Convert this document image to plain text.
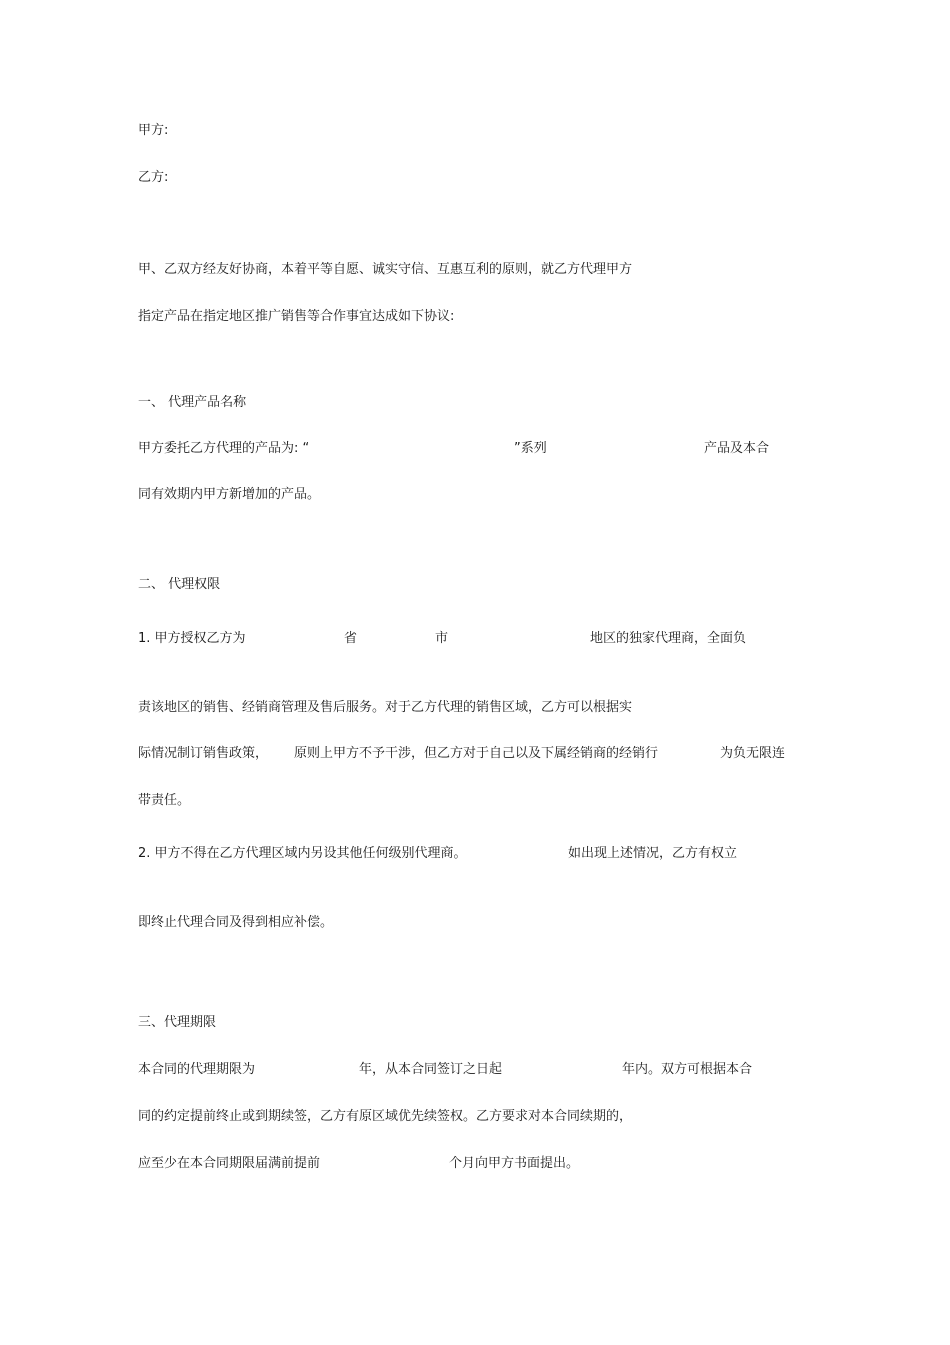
甲方:
乙方:
甲、乙双方经友好协商，本着平等自愿、诚实守信、互惠互利的原则，就乙方代理甲方
指定产品在指定地区推广销售等合作事宜达成如下协议:
一、 代理产品名称
甲方委托乙方代理的产品为: “	”系列	产品及本合
同有效期内甲方新增加的产品。
二、 代理权限
1. 甲方授权乙方为	省	市	地区的独家代理商，全面负
责该地区的销售、经销商管理及售后服务。对于乙方代理的销售区域，乙方可以根据实
际情况制订销售政策， 原则上甲方不予干涉，但乙方对于自己以及下属经销商的经销行	为负无限连
带责任。
2. 甲方不得在乙方代理区域内另设其他任何级别代理商。	如出现上述情况，乙方有权立
即终止代理合同及得到相应补偿。
三、代理期限
本合同的代理期限为	年，从本合同签订之日起	年内。双方可根据本合
同的约定提前终止或到期续签，乙方有原区域优先续签权。乙方要求对本合同续期的，
应至少在本合同期限届满前提前	个月向甲方书面提出。
